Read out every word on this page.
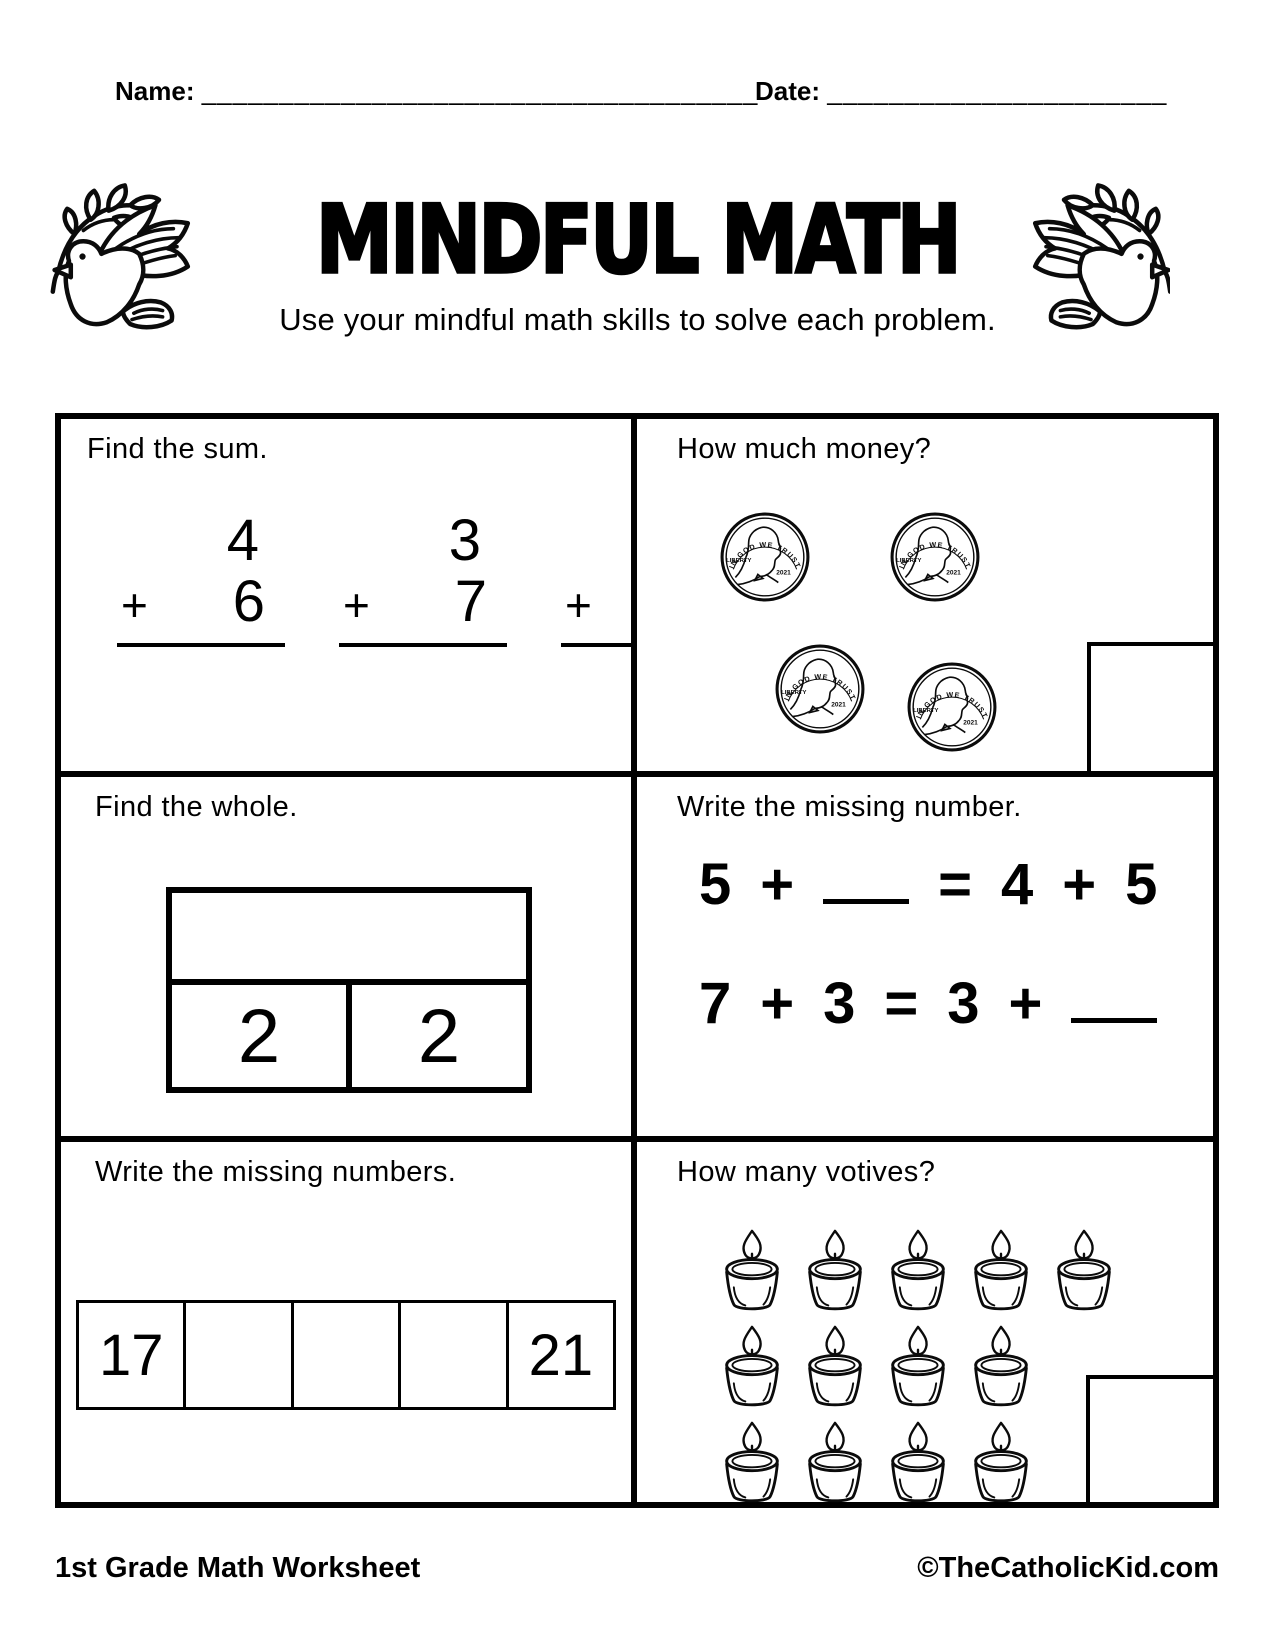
Name: ____________________________________
Date: ______________________
MINDFUL MATH
Use your mindful math skills to solve each problem.
Find the sum.
4
+ 6
3
+ 7 +
How much money?
Find the whole.
2	2
Write the missing number.
5 + = 4 + 5
7 + 3 = 3 +
Write the missing numbers.
17	21
How many votives?
1st Grade Math Worksheet	©TheCatholicKid.com
